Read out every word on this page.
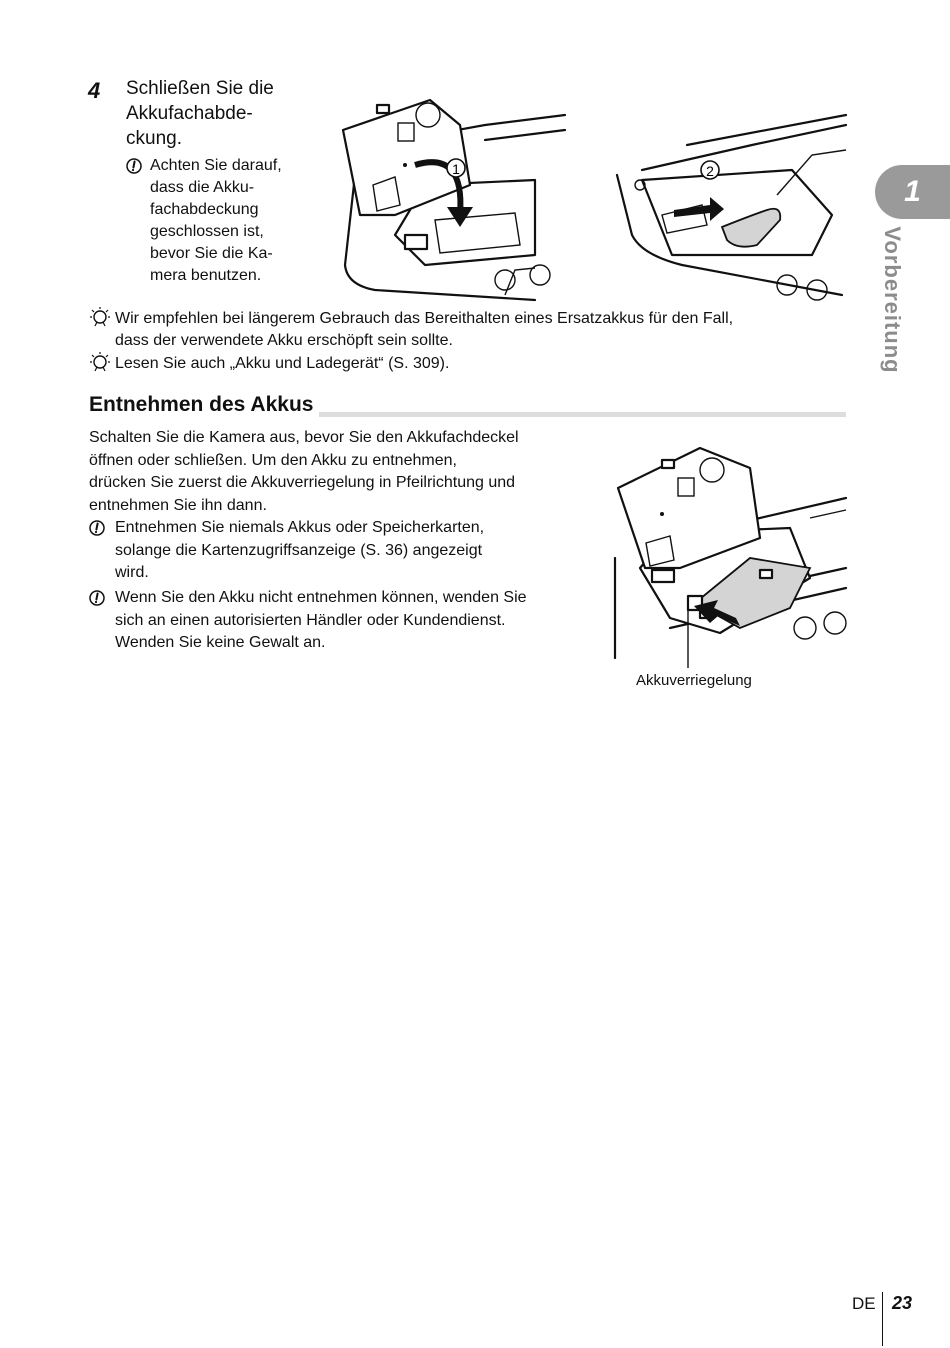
4 Schließen Sie die
Akkufachabde-
ckung.
Achten Sie darauf,
dass die Akku-
fachabdeckung
geschlossen ist,
bevor Sie die Ka-
mera benutzen.
1	2
Wir empfehlen bei längerem Gebrauch das Bereithalten eines Ersatzakkus für den Fall,
dass der verwendete Akku erschöpft sein sollte.
Lesen Sie auch „Akku und Ladegerät“ (S. 309).
Entnehmen des Akkus
Schalten Sie die Kamera aus, bevor Sie den Akkufachdeckel
öffnen oder schließen. Um den Akku zu entnehmen,
drücken Sie zuerst die Akkuverriegelung in Pfeilrichtung und
entnehmen Sie ihn dann.
Entnehmen Sie niemals Akkus oder Speicherkarten,
solange die Kartenzugriffsanzeige (S. 36) angezeigt
wird.
Wenn Sie den Akku nicht entnehmen können, wenden Sie
sich an einen autorisierten Händler oder Kundendienst.
Wenden Sie keine Gewalt an.
Akkuverriegelung
1
Vorbereitung
DE 23
